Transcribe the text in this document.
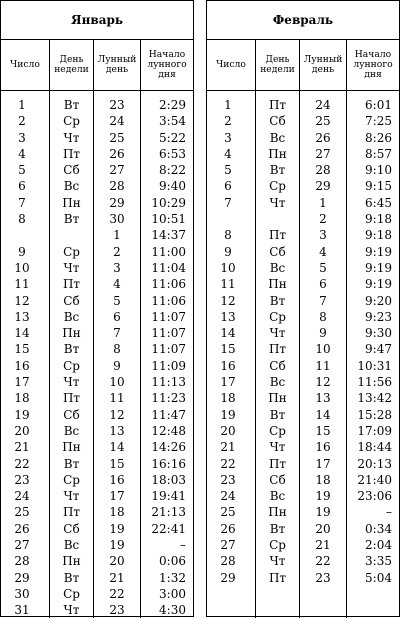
Январь
Число	День
недели
Лунный
день
Начало
лунного
дня
1
2
3
4
5
6
7
8
9
10
11
12
13
14
15
16
17
18
19
20
21
22
23
24
25
26
27
28
29
30
31
Вт
Ср
Чт
Пт
Сб
Вс
Пн
Вт
Ср
Чт
Пт
Сб
Вс
Пн
Вт
Ср
Чт
Пт
Сб
Вс
Пн
Вт
Ср
Чт
Пт
Сб
Вс
Пн
Вт
Ср
Чт
23
24
25
26
27
28
29
30
1
2
3
4
5
6
7
8
9
10
11
12
13
14
15
16
17
18
19
19
20
21
22
23
2:29
3:54
5:22
6:53
8:22
9:40
10:29
10:51
14:37
11:00
11:04
11:06
11:06
11:07
11:07
11:07
11:09
11:13
11:23
11:47
12:48
14:26
16:16
18:03
19:41
21:13
22:41
–
0:06
1:32
3:00
4:30
Февраль
Число	День
недели
Лунный
день
Начало
лунного
дня
1
2
3
4
5
6
7
8
9
10
11
12
13
14
15
16
17
18
19
20
21
22
23
24
25
26
27
28
29
Пт
Сб
Вс
Пн
Вт
Ср
Чт
Пт
Сб
Вс
Пн
Вт
Ср
Чт
Пт
Сб
Вс
Пн
Вт
Ср
Чт
Пт
Сб
Вс
Пн
Вт
Ср
Чт
Пт
24
25
26
27
28
29
1
2
3
4
5
6
7
8
9
10
11
12
13
14
15
16
17
18
19
19
20
21
22
23
6:01
7:25
8:26
8:57
9:10
9:15
6:45
9:18
9:18
9:19
9:19
9:19
9:20
9:23
9:30
9:47
10:31
11:56
13:42
15:28
17:09
18:44
20:13
21:40
23:06
–
0:34
2:04
3:35
5:04
